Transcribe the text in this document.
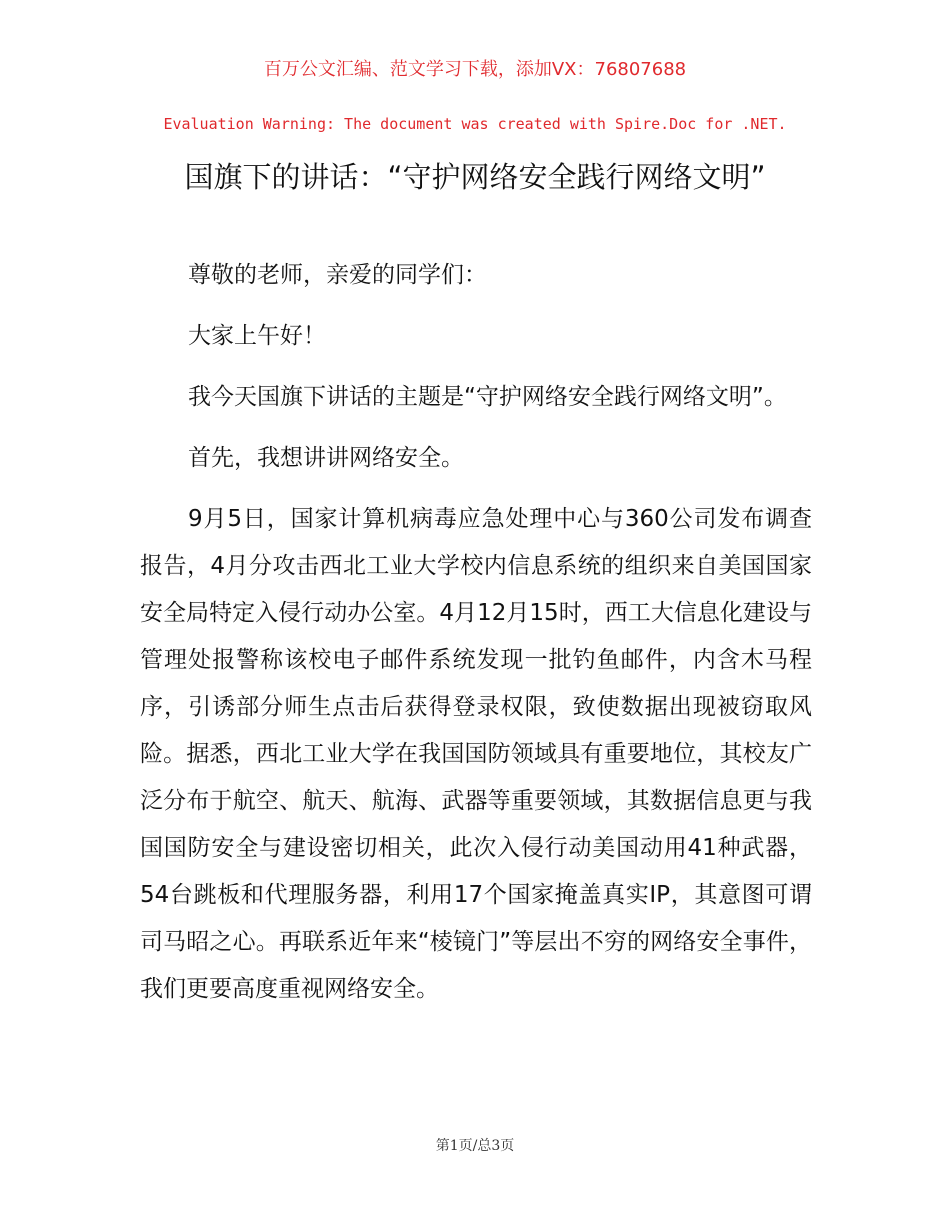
百万公文汇编、范文学习下载，添加VX：76807688
Evaluation Warning: The document was created with Spire.Doc for .NET.
国旗下的讲话：“守护网络安全践行网络文明”

尊敬的老师，亲爱的同学们：

大家上午好！

我今天国旗下讲话的主题是“守护网络安全践行网络文明”。

首先，我想讲讲网络安全。

9月5日，国家计算机病毒应急处理中心与360公司发布调查报告，4月分攻击西北工业大学校内信息系统的组织来自美国国家安全局特定入侵行动办公室。4月12月15时，西工大信息化建设与管理处报警称该校电子邮件系统发现一批钓鱼邮件，内含木马程序，引诱部分师生点击后获得登录权限，致使数据出现被窃取风险。据悉，西北工业大学在我国国防领域具有重要地位，其校友广泛分布于航空、航天、航海、武器等重要领域，其数据信息更与我国国防安全与建设密切相关，此次入侵行动美国动用41种武器，54台跳板和代理服务器，利用17个国家掩盖真实IP，其意图可谓司马昭之心。再联系近年来“棱镜门”等层出不穷的网络安全事件，我们更要高度重视网络安全。

第1页/总3页
